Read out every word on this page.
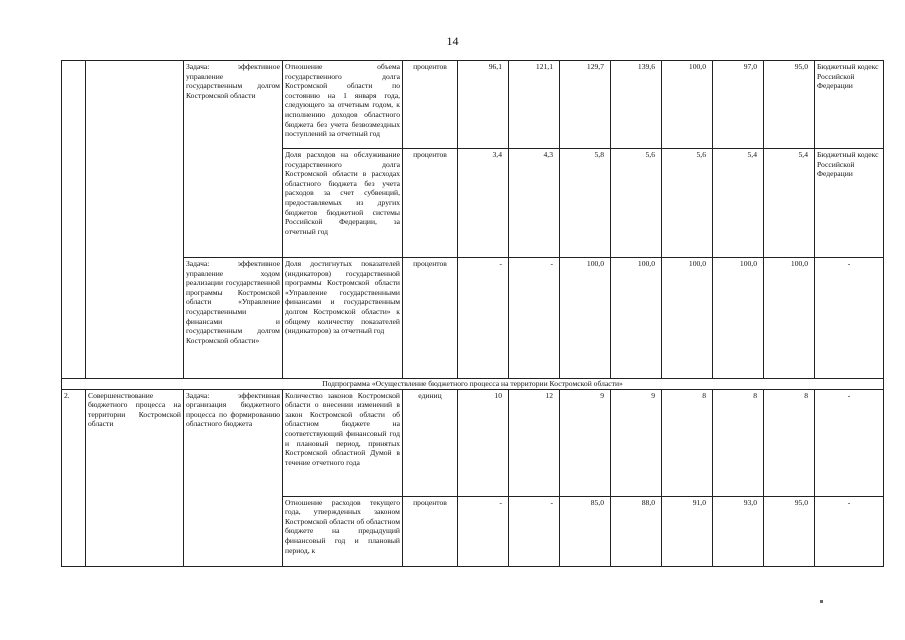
14
		Задача: эффективное управление государственным долгом Костромской области	Отношение объема государственного долга Костромской области по состоянию на 1 января года, следующего за отчетным годом, к исполнению доходов областного бюджета без учета безвозмездных поступлений за отчетный год	процентов	96,1	121,1	129,7	139,6	100,0	97,0	95,0	Бюджетный кодекс Российской Федерации
			Доля расходов на обслуживание государственного долга Костромской области в расходах областного бюджета без учета расходов за счет субвенций, предоставляемых из других бюджетов бюджетной системы Российской Федерации, за отчетный год	процентов	3,4	4,3	5,8	5,6	5,6	5,4	5,4	Бюджетный кодекс Российской Федерации
		Задача: эффективное управление ходом реализации государственной программы Костромской области «Управление государственными финансами и государственным долгом Костромской области»	Доля достигнутых показателей (индикаторов) государственной программы Костромской области «Управление государственными финансами и государственным долгом Костромской области» к общему количеству показателей (индикаторов) за отчетный год	процентов	-	-	100,0	100,0	100,0	100,0	100,0	-
Подпрограмма «Осуществление бюджетного процесса на территории Костромской области»												
2.	Совершенствование бюджетного процесса на территории Костромской области	Задача: эффективная организация бюджетного процесса по формированию областного бюджета	Количество законов Костромской области о внесении изменений в закон Костромской области об областном бюджете на соответствующий финансовый год и плановый период, принятых Костромской областной Думой в течение отчетного года	единиц	10	12	9	9	8	8	8	-
			Отношение расходов текущего года, утвержденных законом Костромской области об областном бюджете на предыдущий финансовый год и плановый период, к	процентов	-	-	85,0	88,0	91,0	93,0	95,0	-
